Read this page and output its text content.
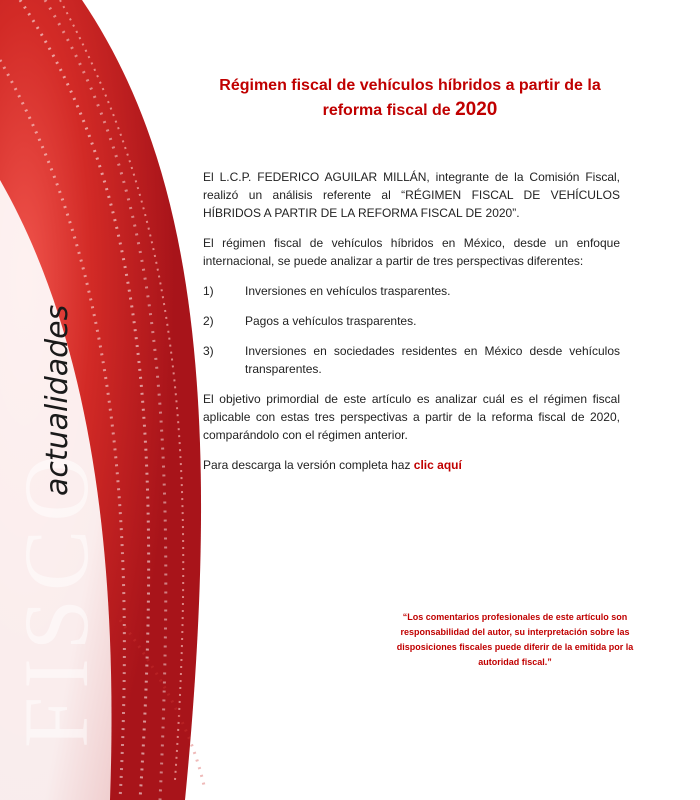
FISCO
actualidades
Régimen fiscal de vehículos híbridos a partir de la
reforma fiscal de 2020

El L.C.P. FEDERICO AGUILAR MILLÁN, integrante de la Comisión Fiscal, realizó un análisis referente al “RÉGIMEN FISCAL DE VEHÍCULOS HÍBRIDOS A PARTIR DE LA REFORMA FISCAL DE 2020”.

El régimen fiscal de vehículos híbridos en México, desde un enfoque internacional, se puede analizar a partir de tres perspectivas diferentes:

1)	Inversiones en vehículos trasparentes.
2)	Pagos a vehículos trasparentes.
3)	Inversiones en sociedades residentes en México desde vehículos transparentes.

El objetivo primordial de este artículo es analizar cuál es el régimen fiscal aplicable con estas tres perspectivas a partir de la reforma fiscal de 2020, comparándolo con el régimen anterior.

Para descarga la versión completa haz clic aquí

“Los comentarios profesionales de este artículo son responsabilidad del autor, su interpretación sobre las disposiciones fiscales puede diferir de la emitida por la autoridad fiscal.”
